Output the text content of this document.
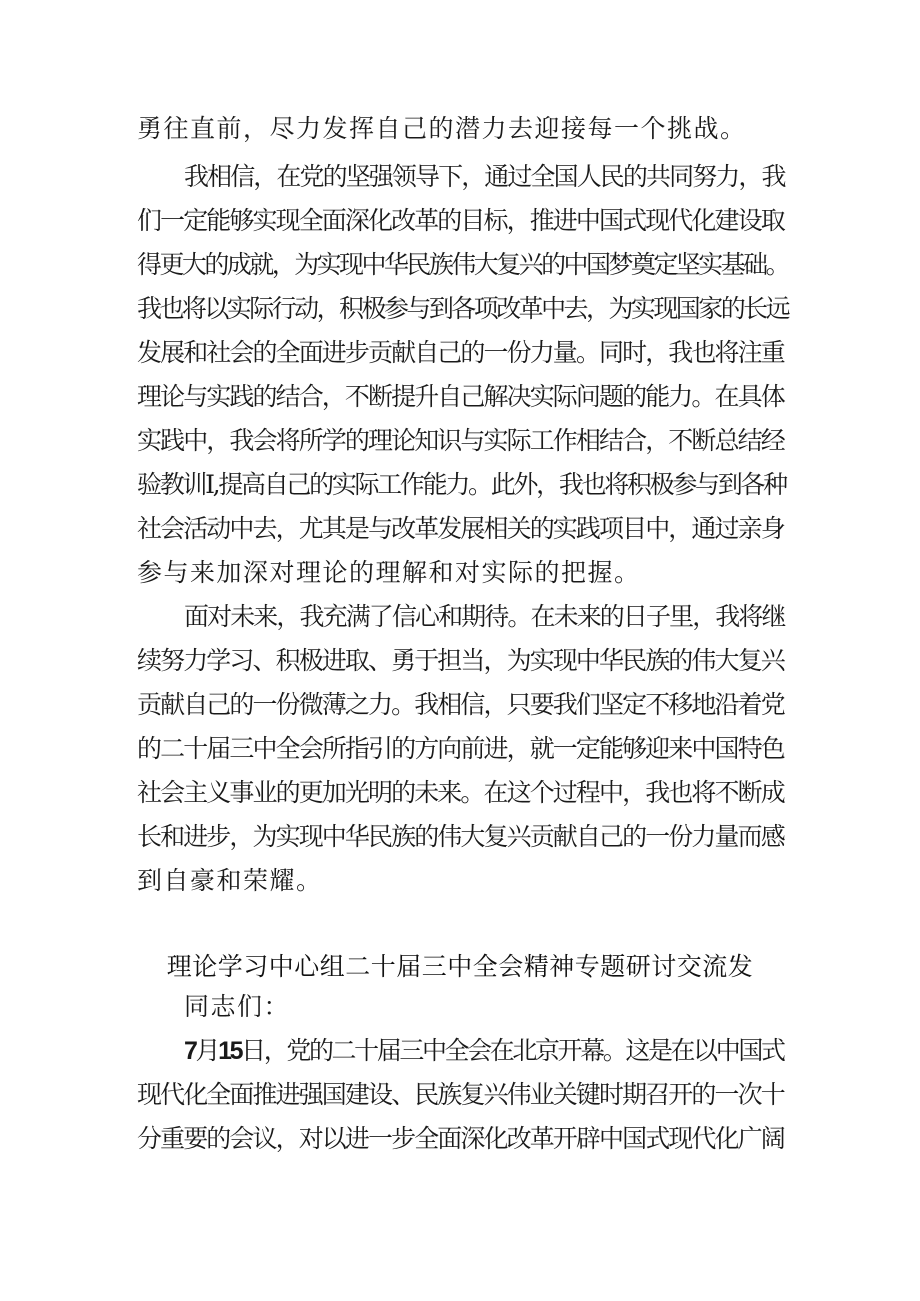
勇往直前，尽力发挥自己的潜力去迎接每一个挑战。

我相信，在党的坚强领导下，通过全国人民的共同努力，我

们一定能够实现全面深化改革的目标，推进中国式现代化建设取

得更大的成就，为实现中华民族伟大复兴的中国梦奠定坚实基础。

我也将以实际行动，积极参与到各项改革中去，为实现国家的长远

发展和社会的全面进步贡献自己的一份力量。同时，我也将注重

理论与实践的结合，不断提升自己解决实际问题的能力。在具体

实践中，我会将所学的理论知识与实际工作相结合，不断总结经

验教训I,提高自己的实际工作能力。此外，我也将积极参与到各种

社会活动中去，尤其是与改革发展相关的实践项目中，通过亲身

参与来加深对理论的理解和对实际的把握。

面对未来，我充满了信心和期待。在未来的日子里，我将继

续努力学习、积极进取、勇于担当，为实现中华民族的伟大复兴

贡献自己的一份微薄之力。我相信，只要我们坚定不移地沿着党

的二十届三中全会所指引的方向前进，就一定能够迎来中国特色

社会主义事业的更加光明的未来。在这个过程中，我也将不断成

长和进步，为实现中华民族的伟大复兴贡献自己的一份力量而感

到自豪和荣耀。

理论学习中心组二十届三中全会精神专题研讨交流发

同志们：

7月15日，党的二十届三中全会在北京开幕。这是在以中国式

现代化全面推进强国建设、民族复兴伟业关键时期召开的一次十

分重要的会议，对以进一步全面深化改革开辟中国式现代化广阔
